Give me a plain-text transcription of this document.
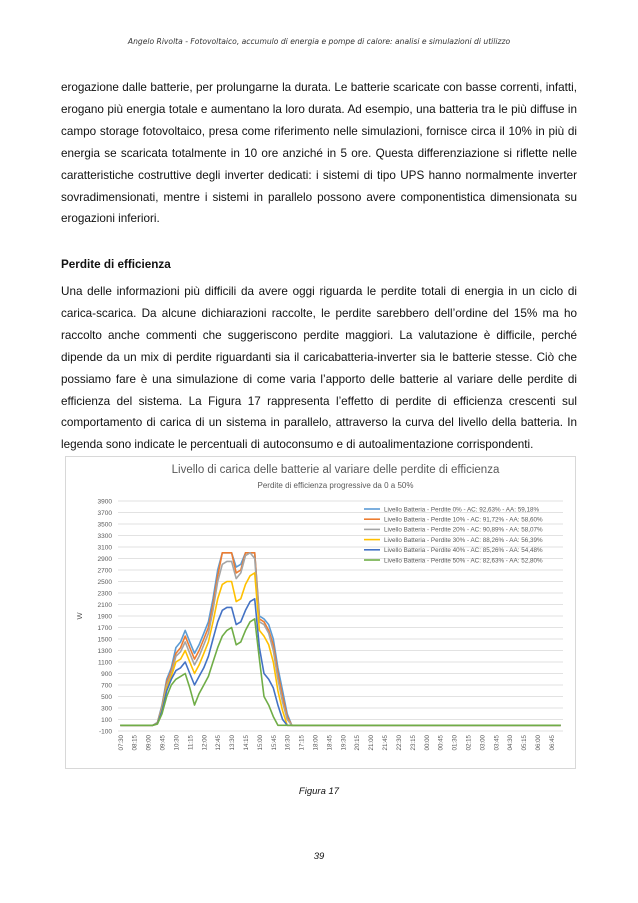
Angelo Rivolta - Fotovoltaico, accumulo di energia e pompe di calore: analisi e simulazioni di utilizzo
erogazione dalle batterie, per prolungarne la durata. Le batterie scaricate con basse correnti, infatti, erogano più energia totale e aumentano la loro durata. Ad esempio, una batteria tra le più diffuse in campo storage fotovoltaico, presa come riferimento nelle simulazioni, fornisce circa il 10% in più di energia se scaricata totalmente in 10 ore anziché in 5 ore. Questa differenziazione si riflette nelle caratteristiche costruttive degli inverter dedicati: i sistemi di tipo UPS hanno normalmente inverter sovradimensionati, mentre i sistemi in parallelo possono avere componentistica dimensionata su erogazioni inferiori.
Perdite di efficienza
Una delle informazioni più difficili da avere oggi riguarda le perdite totali di energia in un ciclo di carica-scarica. Da alcune dichiarazioni raccolte, le perdite sarebbero dell’ordine del 15% ma ho raccolto anche commenti che suggeriscono perdite maggiori. La valutazione è difficile, perché dipende da un mix di perdite riguardanti sia il caricabatteria-inverter sia le batterie stesse. Ciò che possiamo fare è una simulazione di come varia l’apporto delle batterie al variare delle perdite di efficienza del sistema. La Figura 17 rappresenta l’effetto di perdite di efficienza crescenti sul comportamento di carica di un sistema in parallelo, attraverso la curva del livello della batteria. In legenda sono indicate le percentuali di autoconsumo e di autoalimentazione corrispondenti.
Livello di carica delle batterie al variare delle perdite di efficienza
Perdite di efficienza progressive da 0 a 50%
-100
100
300
500
700
900
1100
1300
1500
1700
1900
2100
2300
2500
2700
2900
3100
3300
3500
3700
3900
W
07:30 08:15 09:00 09:45 10:30 11:15 12:00 12:45 13:30 14:15 15:00 15:45 16:30 17:15 18:00 18:45 19:30 20:15 21:00 21:45 22:30 23:15 00:00 00:45 01:30 02:15 03:00 03:45 04:30 05:15 06:00 06:45
Livello Batteria - Perdite 0% - AC: 92,63% - AA: 59,18%
Livello Batteria - Perdite 10% - AC: 91,72% - AA: 58,60%
Livello Batteria - Perdite 20% - AC: 90,89% - AA: 58,07%
Livello Batteria - Perdite 30% - AC: 88,26% - AA: 56,39%
Livello Batteria - Perdite 40% - AC: 85,26% - AA: 54,48%
Livello Batteria - Perdite 50% - AC: 82,63% - AA: 52,80%
Figura 17
39
